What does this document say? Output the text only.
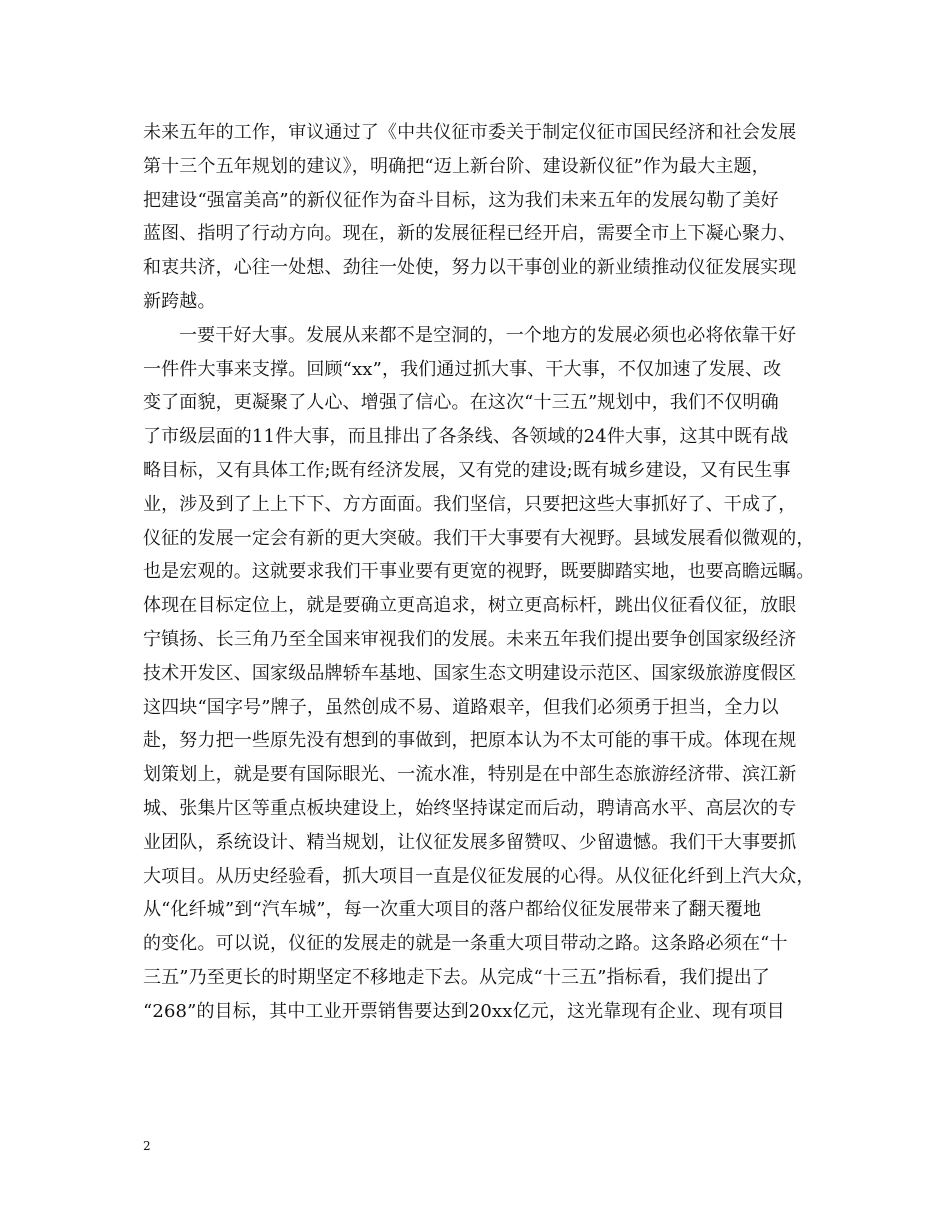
未来五年的工作，审议通过了《中共仪征市委关于制定仪征市国民经济和社会发展
第十三个五年规划的建议》，明确把“迈上新台阶、建设新仪征”作为最大主题，
把建设“强富美高”的新仪征作为奋斗目标，这为我们未来五年的发展勾勒了美好
蓝图、指明了行动方向。现在，新的发展征程已经开启，需要全市上下凝心聚力、
和衷共济，心往一处想、劲往一处使，努力以干事创业的新业绩推动仪征发展实现
新跨越。
一要干好大事。发展从来都不是空洞的，一个地方的发展必须也必将依靠干好
一件件大事来支撑。回顾“xx”，我们通过抓大事、干大事，不仅加速了发展、改
变了面貌，更凝聚了人心、增强了信心。在这次“十三五”规划中，我们不仅明确
了市级层面的11件大事，而且排出了各条线、各领域的24件大事，这其中既有战
略目标，又有具体工作;既有经济发展，又有党的建设;既有城乡建设，又有民生事
业，涉及到了上上下下、方方面面。我们坚信，只要把这些大事抓好了、干成了，
仪征的发展一定会有新的更大突破。我们干大事要有大视野。县域发展看似微观的，
也是宏观的。这就要求我们干事业要有更宽的视野，既要脚踏实地，也要高瞻远瞩。
体现在目标定位上，就是要确立更高追求，树立更高标杆，跳出仪征看仪征，放眼
宁镇扬、长三角乃至全国来审视我们的发展。未来五年我们提出要争创国家级经济
技术开发区、国家级品牌轿车基地、国家生态文明建设示范区、国家级旅游度假区
这四块“国字号”牌子，虽然创成不易、道路艰辛，但我们必须勇于担当，全力以
赴，努力把一些原先没有想到的事做到，把原本认为不太可能的事干成。体现在规
划策划上，就是要有国际眼光、一流水准，特别是在中部生态旅游经济带、滨江新
城、张集片区等重点板块建设上，始终坚持谋定而后动，聘请高水平、高层次的专
业团队，系统设计、精当规划，让仪征发展多留赞叹、少留遗憾。我们干大事要抓
大项目。从历史经验看，抓大项目一直是仪征发展的心得。从仪征化纤到上汽大众，
从“化纤城”到“汽车城”，每一次重大项目的落户都给仪征发展带来了翻天覆地
的变化。可以说，仪征的发展走的就是一条重大项目带动之路。这条路必须在“十
三五”乃至更长的时期坚定不移地走下去。从完成“十三五”指标看，我们提出了
“268”的目标，其中工业开票销售要达到20xx亿元，这光靠现有企业、现有项目
2
